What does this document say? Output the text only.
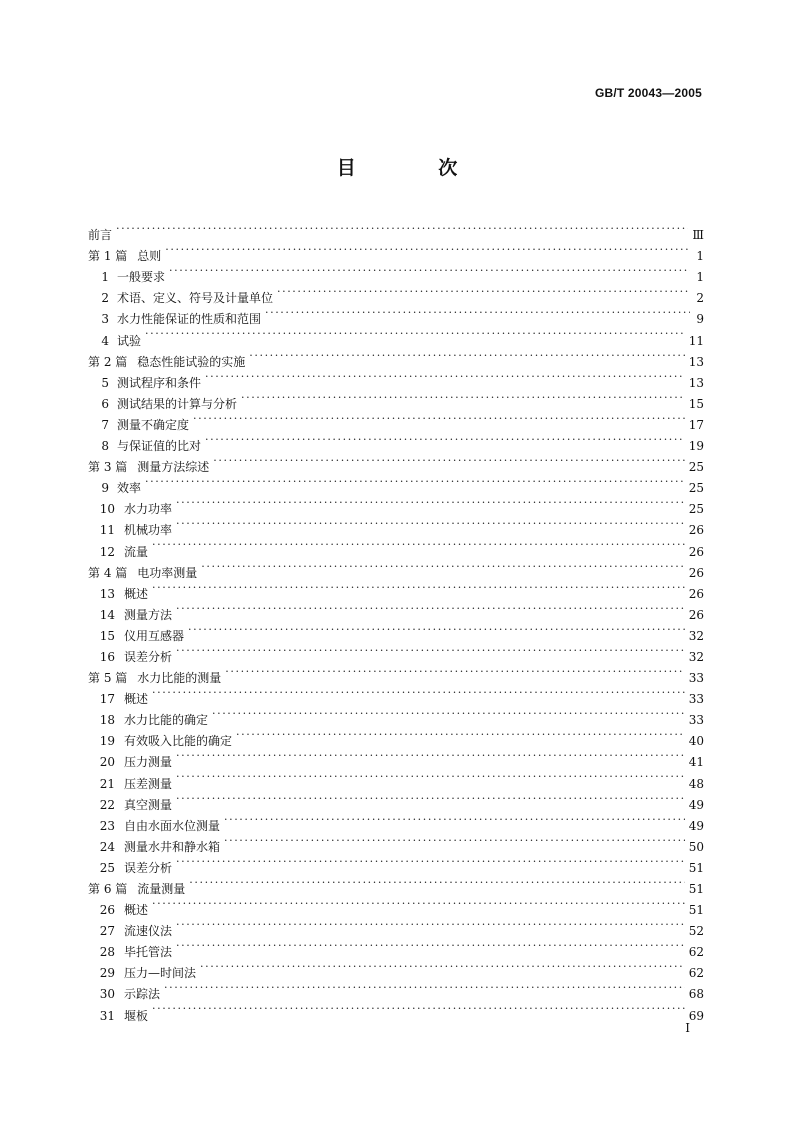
GB/T 20043—2005
目 次
前言 .....	Ⅲ
第 1 篇 总则 .....	1
1 一般要求 .....	1
2 术语、定义、符号及计量单位 .....	2
3 水力性能保证的性质和范围 .....	9
4 试验 .....	11
第 2 篇 稳态性能试验的实施 .....	13
5 测试程序和条件 .....	13
6 测试结果的计算与分析 .....	15
7 测量不确定度 .....	17
8 与保证值的比对 .....	19
第 3 篇 测量方法综述 .....	25
9 效率 .....	25
10 水力功率 .....	25
11 机械功率 .....	26
12 流量 .....	26
第 4 篇 电功率测量 .....	26
13 概述 .....	26
14 测量方法 .....	26
15 仪用互感器 .....	32
16 误差分析 .....	32
第 5 篇 水力比能的测量 .....	33
17 概述 .....	33
18 水力比能的确定 .....	33
19 有效吸入比能的确定 .....	40
20 压力测量 .....	41
21 压差测量 .....	48
22 真空测量 .....	49
23 自由水面水位测量 .....	49
24 测量水井和静水箱 .....	50
25 误差分析 .....	51
第 6 篇 流量测量 .....	51
26 概述 .....	51
27 流速仪法 .....	52
28 毕托管法 .....	62
29 压力—时间法 .....	62
30 示踪法 .....	68
31 堰板 .....	69
I
